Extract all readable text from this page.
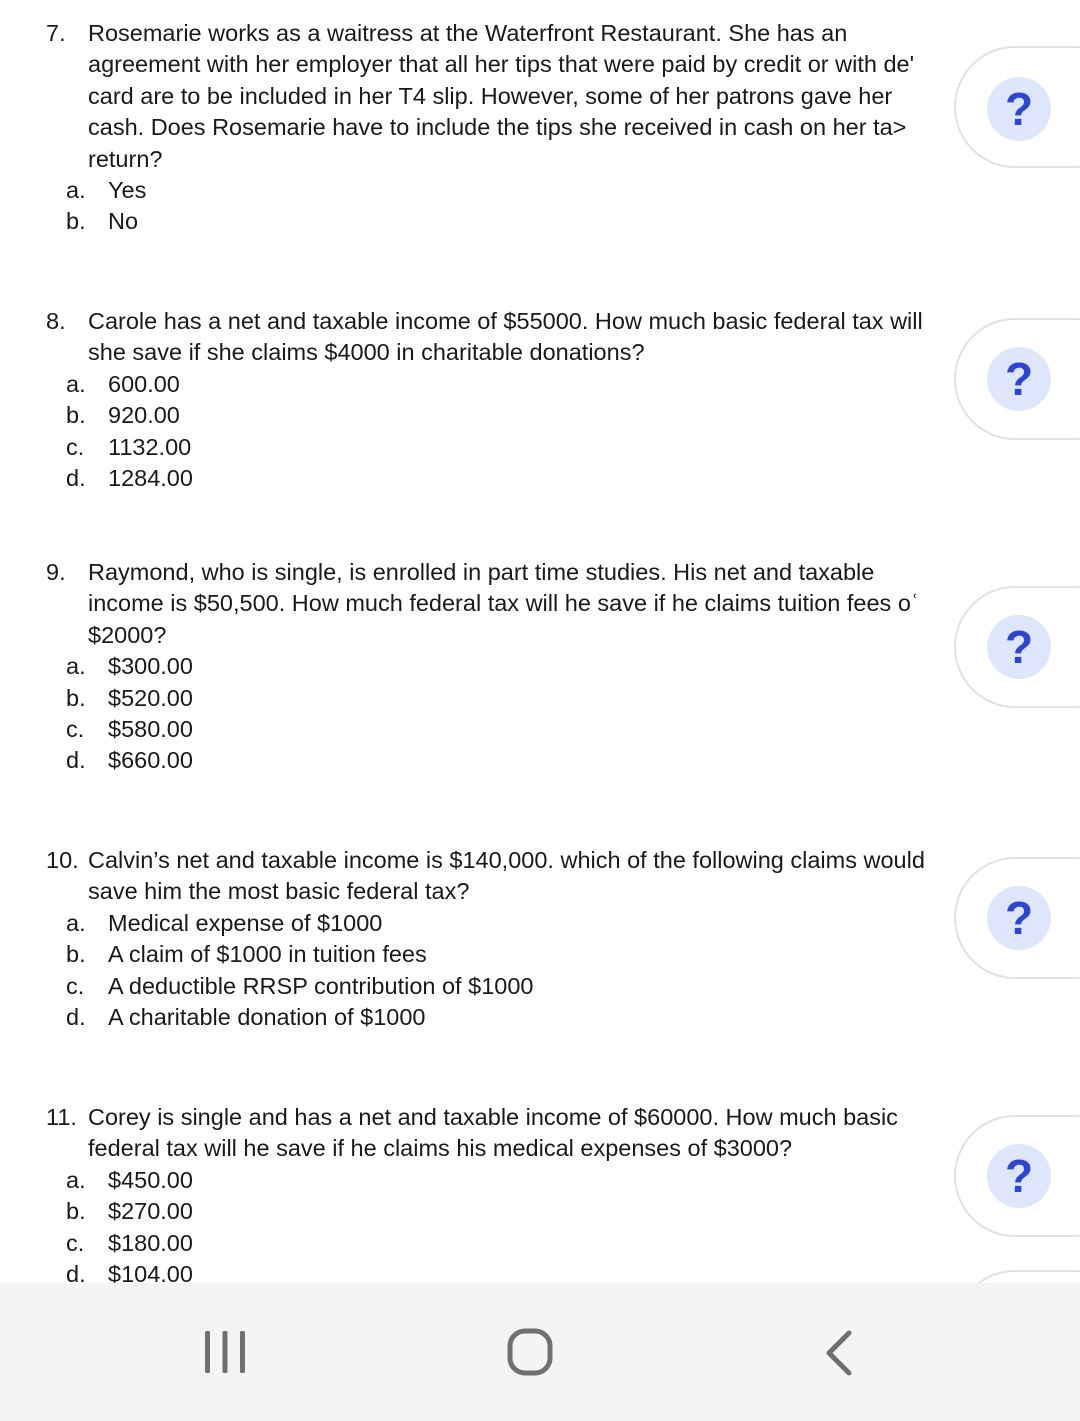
7. Rosemarie works as a waitress at the Waterfront Restaurant. She has an
agreement with her employer that all her tips that were paid by credit or with de'
card are to be included in her T4 slip. However, some of her patrons gave her
cash. Does Rosemarie have to include the tips she received in cash on her ta˃
return?
a. Yes
b. No
?
8. Carole has a net and taxable income of $55000. How much basic federal tax will
she save if she claims $4000 in charitable donations?
a. 600.00
b. 920.00
c. 1132.00
d. 1284.00
?
9. Raymond, who is single, is enrolled in part time studies. His net and taxable
income is $50,500. How much federal tax will he save if he claims tuition fees oʿ
$2000?
a. $300.00
b. $520.00
c. $580.00
d. $660.00
?
10. Calvin’s net and taxable income is $140,000. which of the following claims would
save him the most basic federal tax?
a. Medical expense of $1000
b. A claim of $1000 in tuition fees
c. A deductible RRSP contribution of $1000
d. A charitable donation of $1000
?
11. Corey is single and has a net and taxable income of $60000. How much basic
federal tax will he save if he claims his medical expenses of $3000?
a. $450.00
b. $270.00
c. $180.00
d. $104.00
?
